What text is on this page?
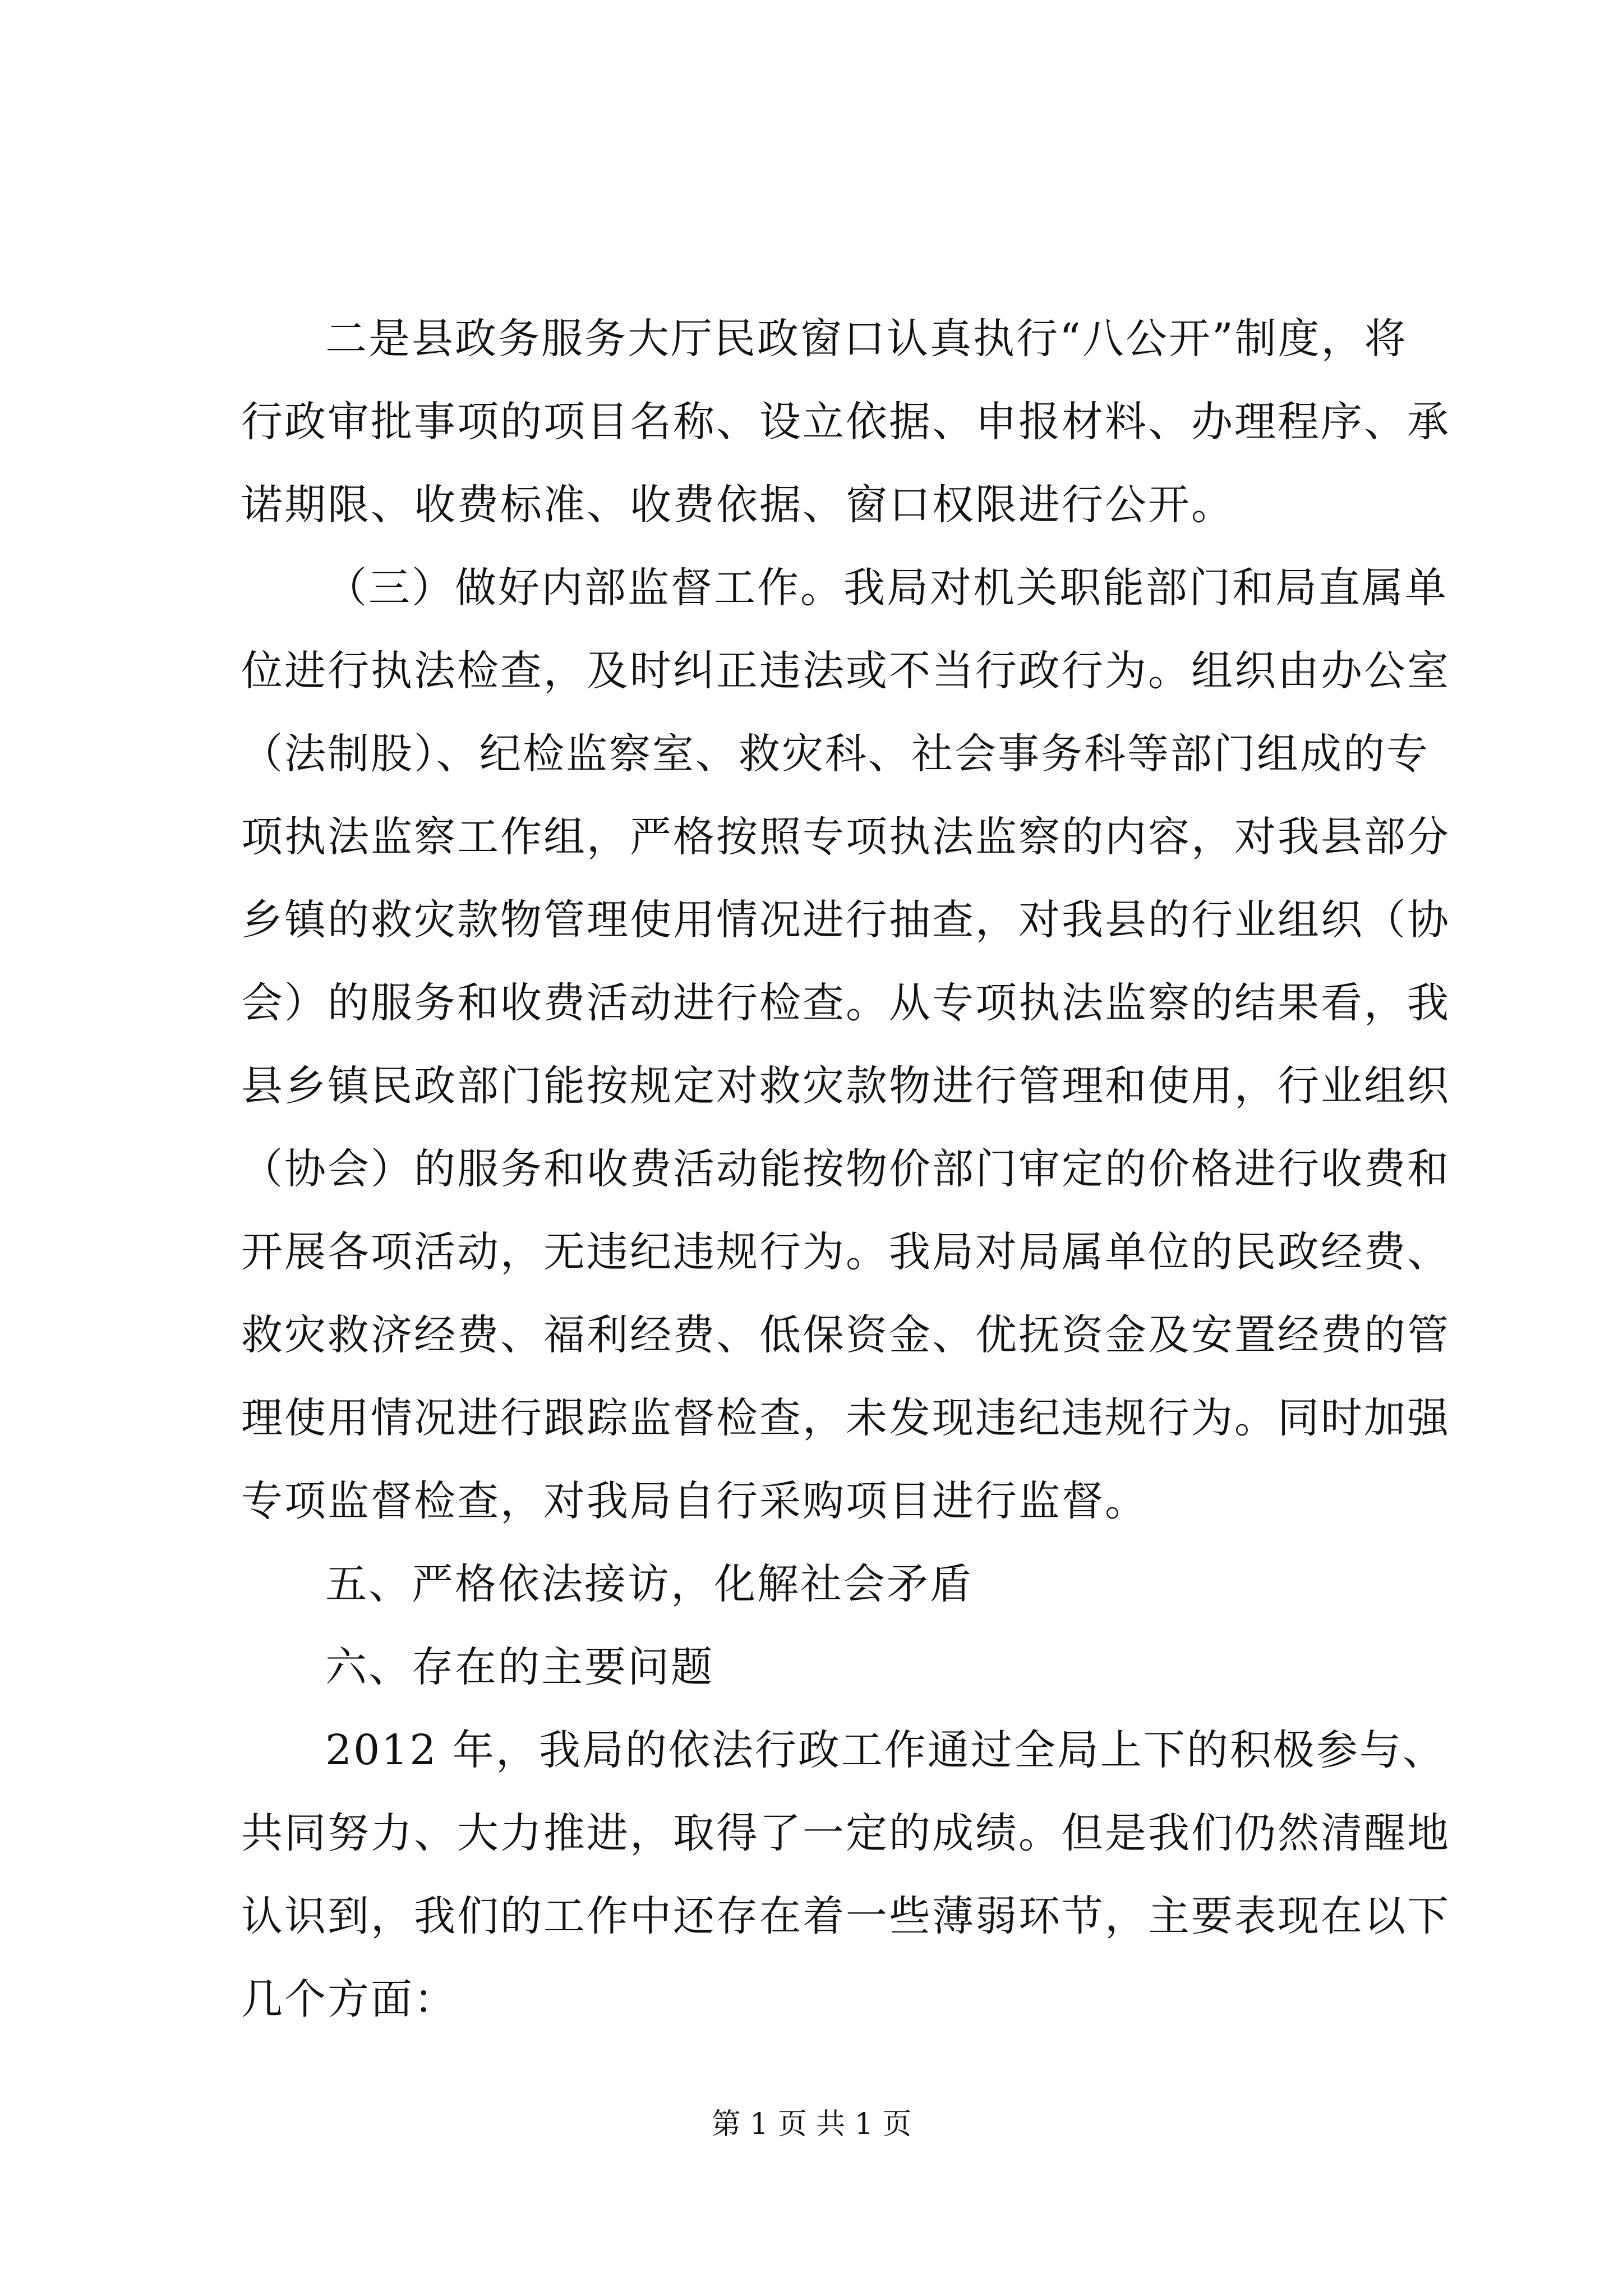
二是县政务服务大厅民政窗口认真执行“八公开”制度，将
行政审批事项的项目名称、设立依据、申报材料、办理程序、承
诺期限、收费标准、收费依据、窗口权限进行公开。
（三）做好内部监督工作。我局对机关职能部门和局直属单
位进行执法检查，及时纠正违法或不当行政行为。组织由办公室
（法制股）、纪检监察室、救灾科、社会事务科等部门组成的专
项执法监察工作组，严格按照专项执法监察的内容，对我县部分
乡镇的救灾款物管理使用情况进行抽查，对我县的行业组织（协
会）的服务和收费活动进行检查。从专项执法监察的结果看，我
县乡镇民政部门能按规定对救灾款物进行管理和使用，行业组织
（协会）的服务和收费活动能按物价部门审定的价格进行收费和
开展各项活动，无违纪违规行为。我局对局属单位的民政经费、
救灾救济经费、福利经费、低保资金、优抚资金及安置经费的管
理使用情况进行跟踪监督检查，未发现违纪违规行为。同时加强
专项监督检查，对我局自行采购项目进行监督。
五、严格依法接访，化解社会矛盾
六、存在的主要问题
2012 年，我局的依法行政工作通过全局上下的积极参与、
共同努力、大力推进，取得了一定的成绩。但是我们仍然清醒地
认识到，我们的工作中还存在着一些薄弱环节，主要表现在以下
几个方面：
第 1 页 共 1 页
